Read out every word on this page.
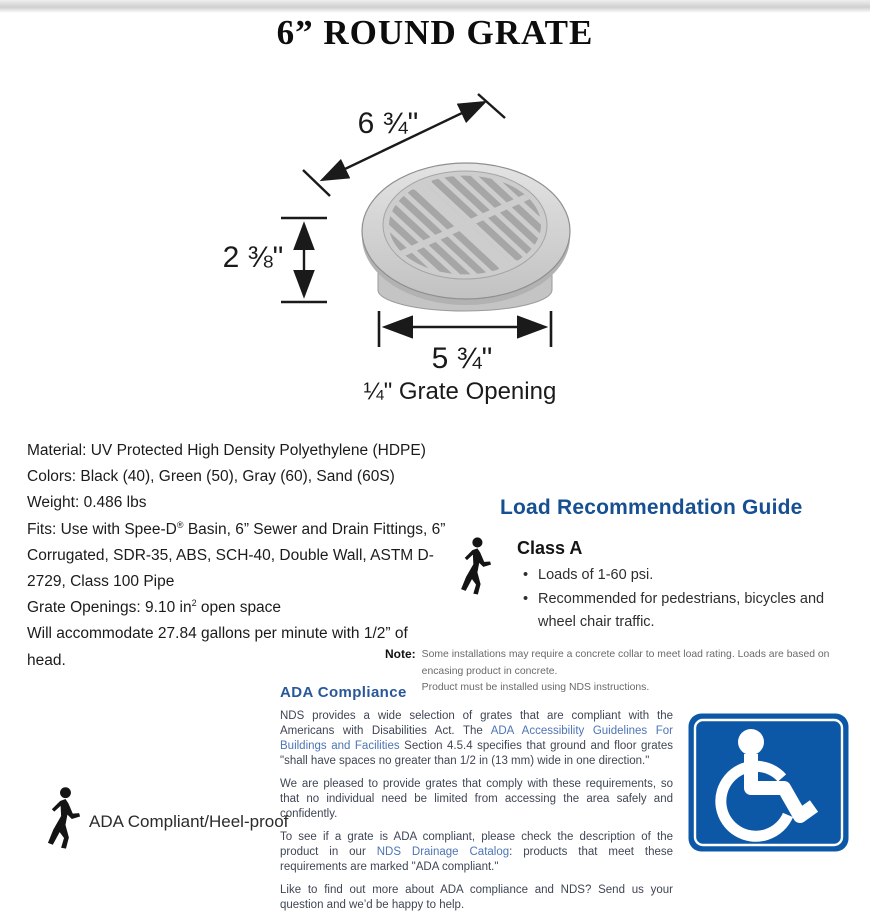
6” ROUND GRATE
6 ¾"
2 ⅜"
5 ¾"
¼" Grate Opening
Material: UV Protected High Density Polyethylene (HDPE)
Colors: Black (40), Green (50), Gray (60), Sand (60S)
Weight: 0.486 lbs
Fits: Use with Spee-D® Basin, 6” Sewer and Drain Fittings, 6”
Corrugated, SDR-35, ABS, SCH-40, Double Wall, ASTM D-
2729, Class 100 Pipe
Grate Openings: 9.10 $in^2$ open space
Will accommodate 27.84 gallons per minute with 1/2” of
head.
Load Recommendation Guide
Class A
• Loads of 1-60 psi.
• Recommended for pedestrians, bicycles and wheel chair traffic.
Note: Some installations may require a concrete collar to meet load rating. Loads are based on encasing product in concrete.
Product must be installed using NDS instructions.
ADA Compliance

NDS provides a wide selection of grates that are compliant with the Americans with Disabilities Act. The ADA Accessibility Guidelines For Buildings and Facilities Section 4.5.4 specifies that ground and floor grates "shall have spaces no greater than 1/2 in (13 mm) wide in one direction."

We are pleased to provide grates that comply with these requirements, so that no individual need be limited from accessing the area safely and confidently.

To see if a grate is ADA compliant, please check the description of the product in our NDS Drainage Catalog: products that meet these requirements are marked "ADA compliant."

Like to find out more about ADA compliance and NDS? Send us your question and we’d be happy to help.

ADA Compliant/Heel-proof
